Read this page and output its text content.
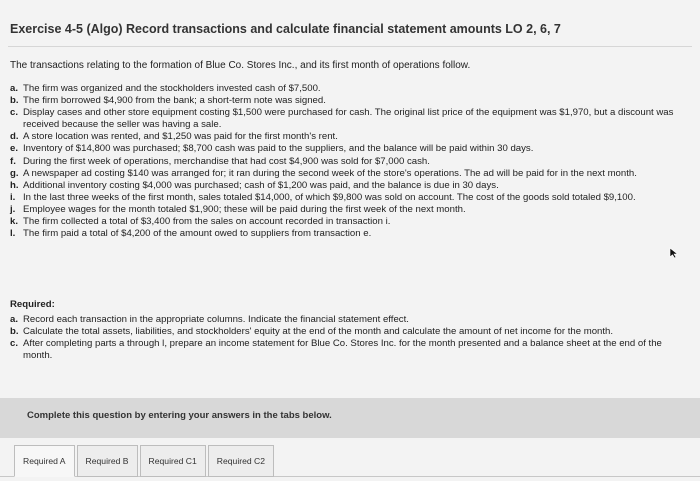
Exercise 4-5 (Algo) Record transactions and calculate financial statement amounts LO 2, 6, 7
The transactions relating to the formation of Blue Co. Stores Inc., and its first month of operations follow.
a. The firm was organized and the stockholders invested cash of $7,500.
b. The firm borrowed $4,900 from the bank; a short-term note was signed.
c. Display cases and other store equipment costing $1,500 were purchased for cash. The original list price of the equipment was $1,970, but a discount was received because the seller was having a sale.
d. A store location was rented, and $1,250 was paid for the first month's rent.
e. Inventory of $14,800 was purchased; $8,700 cash was paid to the suppliers, and the balance will be paid within 30 days.
f. During the first week of operations, merchandise that had cost $4,900 was sold for $7,000 cash.
g. A newspaper ad costing $140 was arranged for; it ran during the second week of the store's operations. The ad will be paid for in the next month.
h. Additional inventory costing $4,000 was purchased; cash of $1,200 was paid, and the balance is due in 30 days.
i. In the last three weeks of the first month, sales totaled $14,000, of which $9,800 was sold on account. The cost of the goods sold totaled $9,100.
j. Employee wages for the month totaled $1,900; these will be paid during the first week of the next month.
k. The firm collected a total of $3,400 from the sales on account recorded in transaction i.
l. The firm paid a total of $4,200 of the amount owed to suppliers from transaction e.
Required:
a. Record each transaction in the appropriate columns. Indicate the financial statement effect.
b. Calculate the total assets, liabilities, and stockholders' equity at the end of the month and calculate the amount of net income for the month.
c. After completing parts a through l, prepare an income statement for Blue Co. Stores Inc. for the month presented and a balance sheet at the end of the month.
Complete this question by entering your answers in the tabs below.
Required A	Required B	Required C1	Required C2
